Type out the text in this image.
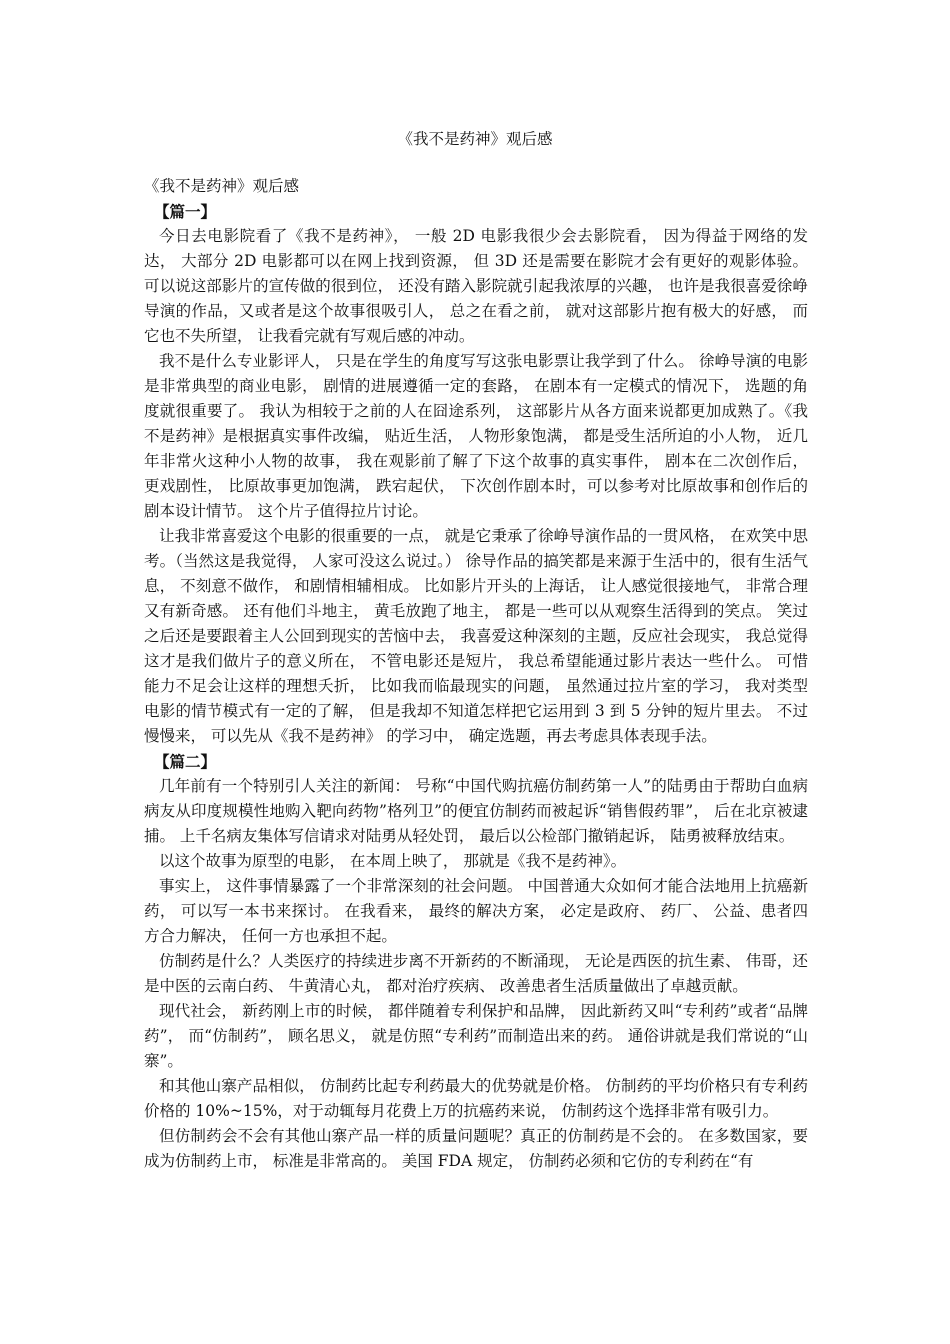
《我不是药神》观后感

《我不是药神》观后感

【篇一】

今日去电影院看了《我不是药神》， 一般 2D 电影我很少会去影院看， 因为得益于网络的发达， 大部分 2D 电影都可以在网上找到资源， 但 3D 还是需要在影院才会有更好的观影体验。 可以说这部影片的宣传做的很到位， 还没有踏入影院就引起我浓厚的兴趣， 也许是我很喜爱徐峥导演的作品，又或者是这个故事很吸引人， 总之在看之前， 就对这部影片抱有极大的好感， 而它也不失所望， 让我看完就有写观后感的冲动。

我不是什么专业影评人， 只是在学生的角度写写这张电影票让我学到了什么。 徐峥导演的电影是非常典型的商业电影， 剧情的进展遵循一定的套路， 在剧本有一定模式的情况下， 选题的角度就很重要了。 我认为相较于之前的人在囧途系列， 这部影片从各方面来说都更加成熟了。《我不是药神》是根据真实事件改编， 贴近生活， 人物形象饱满， 都是受生活所迫的小人物， 近几年非常火这种小人物的故事， 我在观影前了解了下这个故事的真实事件， 剧本在二次创作后， 更戏剧性， 比原故事更加饱满， 跌宕起伏， 下次创作剧本时，可以参考对比原故事和创作后的剧本设计情节。 这个片子值得拉片讨论。

让我非常喜爱这个电影的很重要的一点， 就是它秉承了徐峥导演作品的一贯风格， 在欢笑中思考。（当然这是我觉得， 人家可没这么说过。） 徐导作品的搞笑都是来源于生活中的，很有生活气息， 不刻意不做作， 和剧情相辅相成。 比如影片开头的上海话， 让人感觉很接地气， 非常合理又有新奇感。 还有他们斗地主， 黄毛放跑了地主， 都是一些可以从观察生活得到的笑点。 笑过之后还是要跟着主人公回到现实的苦恼中去， 我喜爱这种深刻的主题，反应社会现实， 我总觉得这才是我们做片子的意义所在， 不管电影还是短片， 我总希望能通过影片表达一些什么。 可惜能力不足会让这样的理想夭折， 比如我而临最现实的问题， 虽然通过拉片室的学习， 我对类型电影的情节模式有一定的了解， 但是我却不知道怎样把它运用到 3 到 5 分钟的短片里去。 不过慢慢来， 可以先从《我不是药神》 的学习中， 确定选题，再去考虑具体表现手法。

【篇二】

几年前有一个特别引人关注的新闻： 号称“中国代购抗癌仿制药第一人”的陆勇由于帮助白血病病友从印度规模性地购入靶向药物”格列卫”的便宜仿制药而被起诉“销售假药罪”， 后在北京被逮捕。 上千名病友集体写信请求对陆勇从轻处罚， 最后以公检部门撤销起诉， 陆勇被释放结束。

以这个故事为原型的电影， 在本周上映了， 那就是《我不是药神》。

事实上， 这件事情暴露了一个非常深刻的社会问题。 中国普通大众如何才能合法地用上抗癌新药， 可以写一本书来探讨。 在我看来， 最终的解决方案， 必定是政府、 药厂、 公益、患者四方合力解决， 任何一方也承担不起。

仿制药是什么？人类医疗的持续进步离不开新药的不断涌现， 无论是西医的抗生素、 伟哥，还是中医的云南白药、 牛黄清心丸， 都对治疗疾病、 改善患者生活质量做出了卓越贡献。

现代社会， 新药刚上市的时候， 都伴随着专利保护和品牌， 因此新药又叫“专利药”或者“品牌药”， 而“仿制药”， 顾名思义， 就是仿照“专利药”而制造出来的药。 通俗讲就是我们常说的“山寨”。

和其他山寨产品相似， 仿制药比起专利药最大的优势就是价格。 仿制药的平均价格只有专利药价格的 10%~15%，对于动辄每月花费上万的抗癌药来说， 仿制药这个选择非常有吸引力。

但仿制药会不会有其他山寨产品一样的质量问题呢？真正的仿制药是不会的。 在多数国家，要成为仿制药上市， 标准是非常高的。 美国 FDA 规定， 仿制药必须和它仿的专利药在“有
